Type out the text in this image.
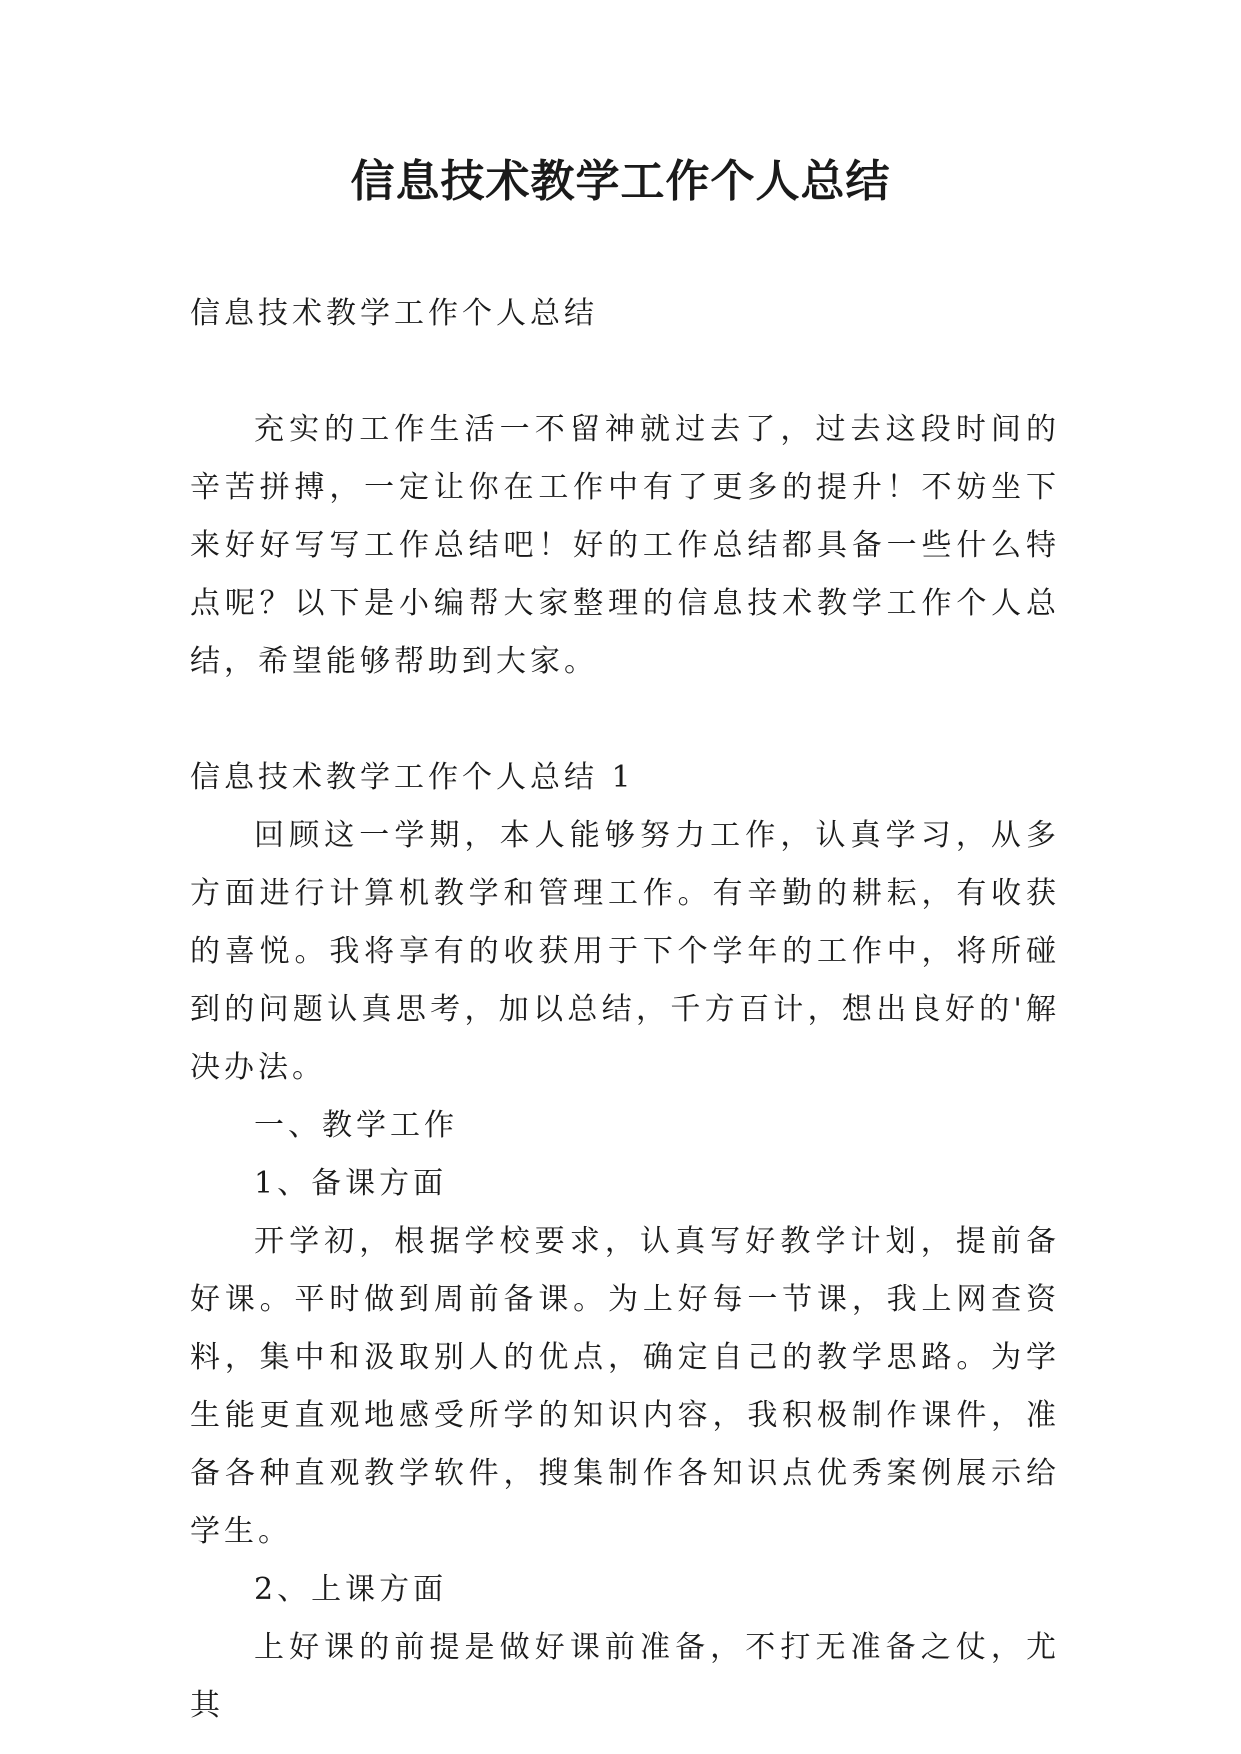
信息技术教学工作个人总结

信息技术教学工作个人总结

充实的工作生活一不留神就过去了，过去这段时间的辛苦拼搏，一定让你在工作中有了更多的提升！不妨坐下来好好写写工作总结吧！好的工作总结都具备一些什么特点呢？以下是小编帮大家整理的信息技术教学工作个人总结，希望能够帮助到大家。

信息技术教学工作个人总结 1

回顾这一学期，本人能够努力工作，认真学习，从多方面进行计算机教学和管理工作。有辛勤的耕耘，有收获的喜悦。我将享有的收获用于下个学年的工作中，将所碰到的问题认真思考，加以总结，千方百计，想出良好的'解决办法。

一、教学工作

1、备课方面

开学初，根据学校要求，认真写好教学计划，提前备好课。平时做到周前备课。为上好每一节课，我上网查资料，集中和汲取别人的优点，确定自己的教学思路。为学生能更直观地感受所学的知识内容，我积极制作课件，准备各种直观教学软件，搜集制作各知识点优秀案例展示给学生。

2、上课方面

上好课的前提是做好课前准备，不打无准备之仗，尤其
